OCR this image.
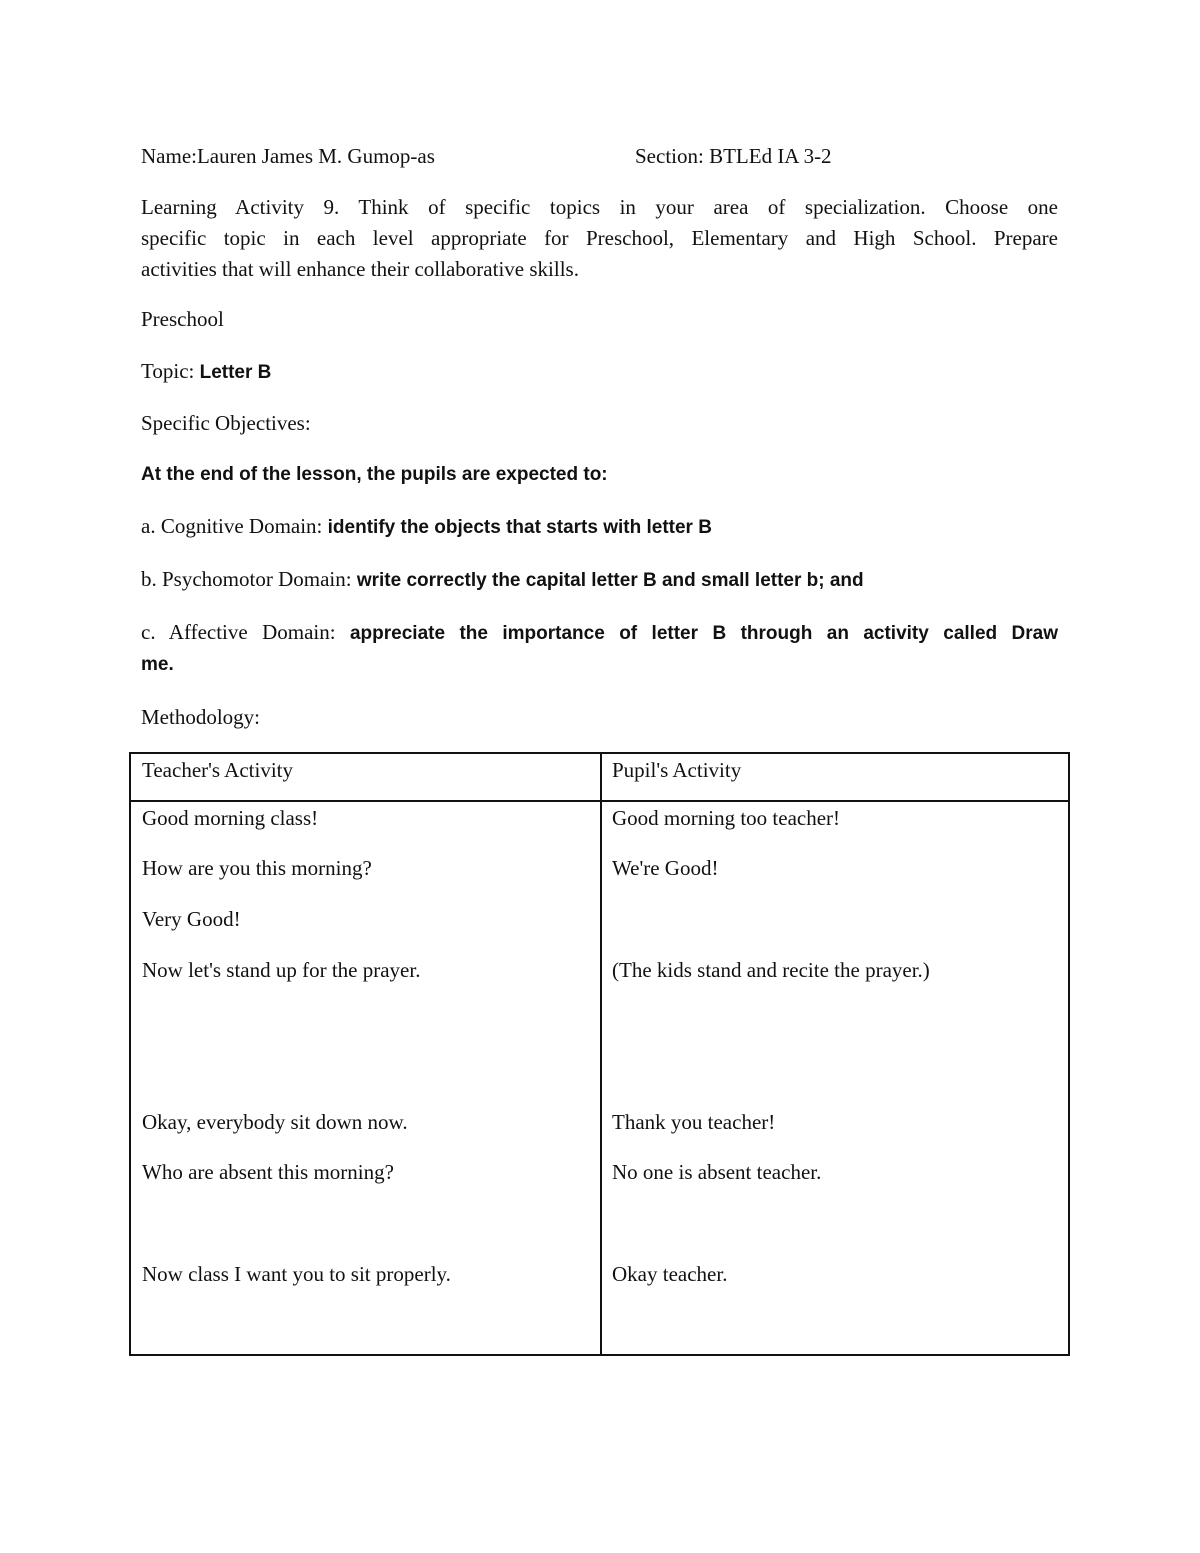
Name:Lauren James M. Gumop-as	Section: BTLEd IA 3-2
Learning Activity 9. Think of specific topics in your area of specialization. Choose one
specific topic in each level appropriate for Preschool, Elementary and High School. Prepare
activities that will enhance their collaborative skills.
Preschool
Topic: Letter B
Specific Objectives:
At the end of the lesson, the pupils are expected to:
a. Cognitive Domain: identify the objects that starts with letter B
b. Psychomotor Domain: write correctly the capital letter B and small letter b; and
c. Affective Domain: appreciate the importance of letter B through an activity called Draw
me.
Methodology:
Teacher's Activity	Pupil's Activity
Good morning class!
How are you this morning?
Very Good!
Now let's stand up for the prayer.
Okay, everybody sit down now.
Who are absent this morning?
Now class I want you to sit properly.
Good morning too teacher!
We're Good!
(The kids stand and recite the prayer.)
Thank you teacher!
No one is absent teacher.
Okay teacher.
